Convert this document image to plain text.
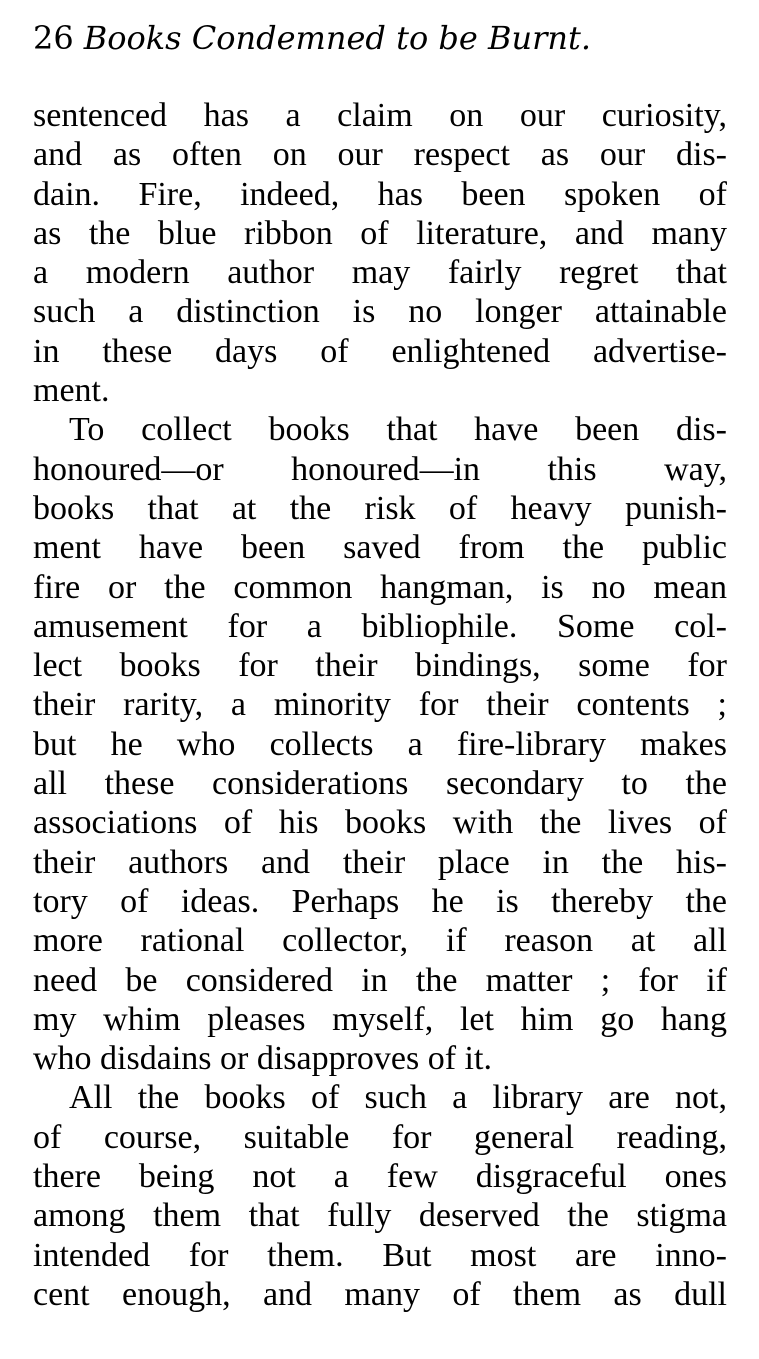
26 Books Condemned to be Burnt.
sentenced has a claim on our curiosity,
and as often on our respect as our dis-
dain. Fire, indeed, has been spoken of
as the blue ribbon of literature, and many
a modern author may fairly regret that
such a distinction is no longer attainable
in these days of enlightened advertise-
ment.
To collect books that have been dis-
honoured—or honoured—in this way,
books that at the risk of heavy punish-
ment have been saved from the public
fire or the common hangman, is no mean
amusement for a bibliophile. Some col-
lect books for their bindings, some for
their rarity, a minority for their contents ;
but he who collects a fire-library makes
all these considerations secondary to the
associations of his books with the lives of
their authors and their place in the his-
tory of ideas. Perhaps he is thereby the
more rational collector, if reason at all
need be considered in the matter ; for if
my whim pleases myself, let him go hang
who disdains or disapproves of it.
All the books of such a library are not,
of course, suitable for general reading,
there being not a few disgraceful ones
among them that fully deserved the stigma
intended for them. But most are inno-
cent enough, and many of them as dull
